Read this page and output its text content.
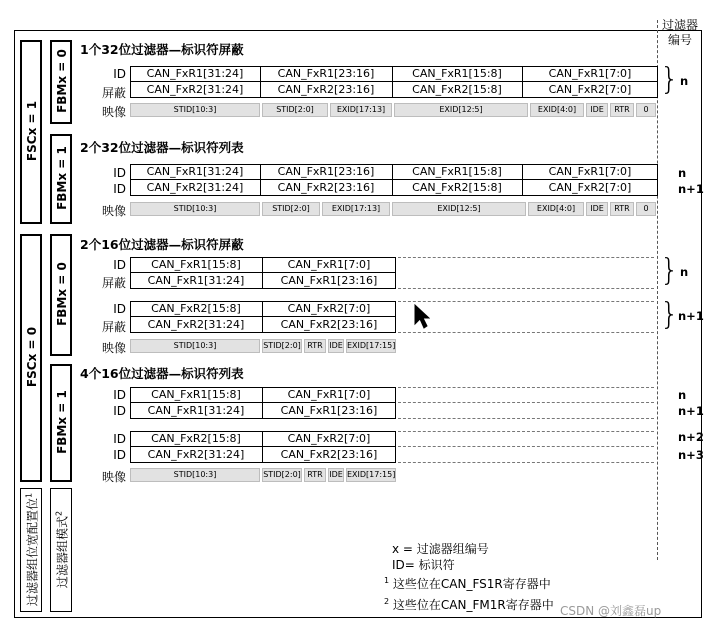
过滤器编号
FSCx = 1
FSCx = 0
FBMx = 0
FBMx = 1
FBMx = 0
FBMx = 1
过滤器组位宽配置位$^1$
过滤器组模式$^2$
1个32位过滤器—标识符屏蔽
ID
屏蔽
CAN_FxR1[31:24]	CAN_FxR1[23:16]	CAN_FxR1[15:8]	CAN_FxR1[7:0]
CAN_FxR2[31:24]	CAN_FxR2[23:16]	CAN_FxR2[15:8]	CAN_FxR2[7:0]
映像	STID[10:3]	STID[2:0]	EXID[17:13]	EXID[12:5]	EXID[4:0]	IDE	RTR	0
} n
2个32位过滤器—标识符列表
ID
ID
CAN_FxR1[31:24]	CAN_FxR1[23:16]	CAN_FxR1[15:8]	CAN_FxR1[7:0]
CAN_FxR2[31:24]	CAN_FxR2[23:16]	CAN_FxR2[15:8]	CAN_FxR2[7:0]
映像	STID[10:3]	STID[2:0]	EXID[17:13]	EXID[12:5]	EXID[4:0]	IDE	RTR	0
n
n+1
2个16位过滤器—标识符屏蔽
ID
屏蔽
CAN_FxR1[15:8]	CAN_FxR1[7:0]
CAN_FxR1[31:24]	CAN_FxR1[23:16]	} n
ID
屏蔽
CAN_FxR2[15:8]	CAN_FxR2[7:0]
CAN_FxR2[31:24]	CAN_FxR2[23:16]	}
n+1
映像	STID[10:3]	STID[2:0] RTR IDE EXID[17:15]
4个16位过滤器—标识符列表
ID
ID
CAN_FxR1[15:8]	CAN_FxR1[7:0]
CAN_FxR1[31:24]	CAN_FxR1[23:16]
n
n+1
ID
ID
CAN_FxR2[15:8]	CAN_FxR2[7:0]
CAN_FxR2[31:24]	CAN_FxR2[23:16]
n+2
n+3
映像	STID[10:3]	STID[2:0] RTR IDE EXID[17:15]
x = 过滤器组编号
ID= 标识符
$^1$ 这些位在CAN_FS1R寄存器中
$^2$ 这些位在CAN_FM1R寄存器中 CSDN @刘鑫磊up
